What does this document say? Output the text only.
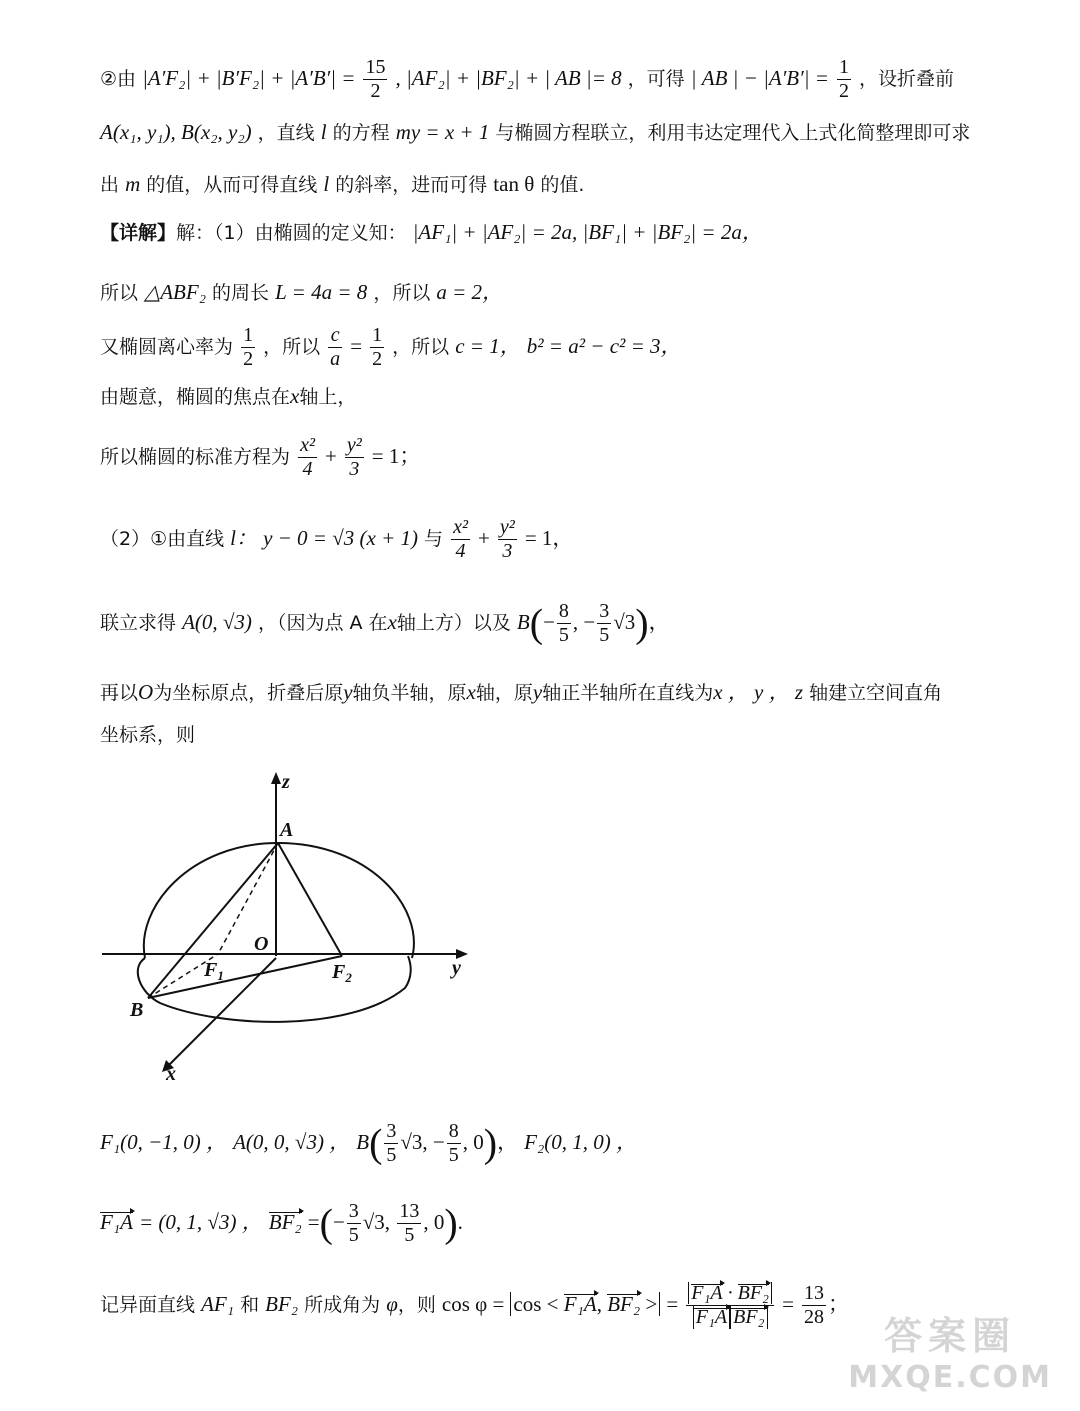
②由 $|A'F_2| + |B'F_2| + |A'B'| = \frac{15}{2}$ , |AF₂| + |BF₂| + | AB |= 8 ，可得 | AB | − $|A'B'| = \frac{1}{2}$ ，设折叠前
A(x₁, y₁), B(x₂, y₂) ，直线 l 的方程 my = x + 1 与椭圆方程联立，利用韦达定理代入上式化简整理即可求
出 m 的值，从而可得直线 l 的斜率，进而可得 tan θ 的值.
【详解】解：（1）由椭圆的定义知： |AF₁| + |AF₂| = 2a, |BF₁| + |BF₂| = 2a，
所以 △ABF₂ 的周长 L = 4a = 8 ，所以 a = 2，
又椭圆离心率为 $\frac{1}{2}$ ，所以 $\frac{c}{a} = \frac{1}{2}$ ，所以 c = 1， b² = a² − c² = 3，
由题意，椭圆的焦点在x轴上，
所以椭圆的标准方程为 $\frac{\text{x²}}{4} + \frac{\text{y²}}{3} = 1$；
（2）①由直线 l： y − 0 = √3 (x + 1) 与 $\frac{\text{x²}}{4} + \frac{\text{y²}}{3} = 1$，
联立求得 A(0, √3) ，（因为点 A 在x轴上方）以及 $B(- \frac{8}{5}$ , − $\frac{3}{5} √3$)，
再以O为坐标原点，折叠后原y轴负半轴，原x轴，原y轴正半轴所在直线为x ， y ， z 轴建立空间直角
坐标系，则
z
A
O
$F_1$	$F_2$	y
B
x
F₁(0, −1, 0) ， A(0, 0, √3) ， $B( \frac{3}{5} √3$, − $\frac{8}{5}$ , 0)， F₂(0, 1, 0) ，
F₁A = (0, 1, √3) ， BF₂ =(− $\frac{3}{5} √3$, $\frac{13}{5}$ , 0).
记异面直线 AF₁ 和 BF₂ 所成角为 φ，则 cos φ = cos < F₁A, BF₂ > = $\frac{\text{F₁A · BF₂}}{\text{F₁A BF₂}} = \frac{13}{28}$ ；
答案圈
MXQE.COM
